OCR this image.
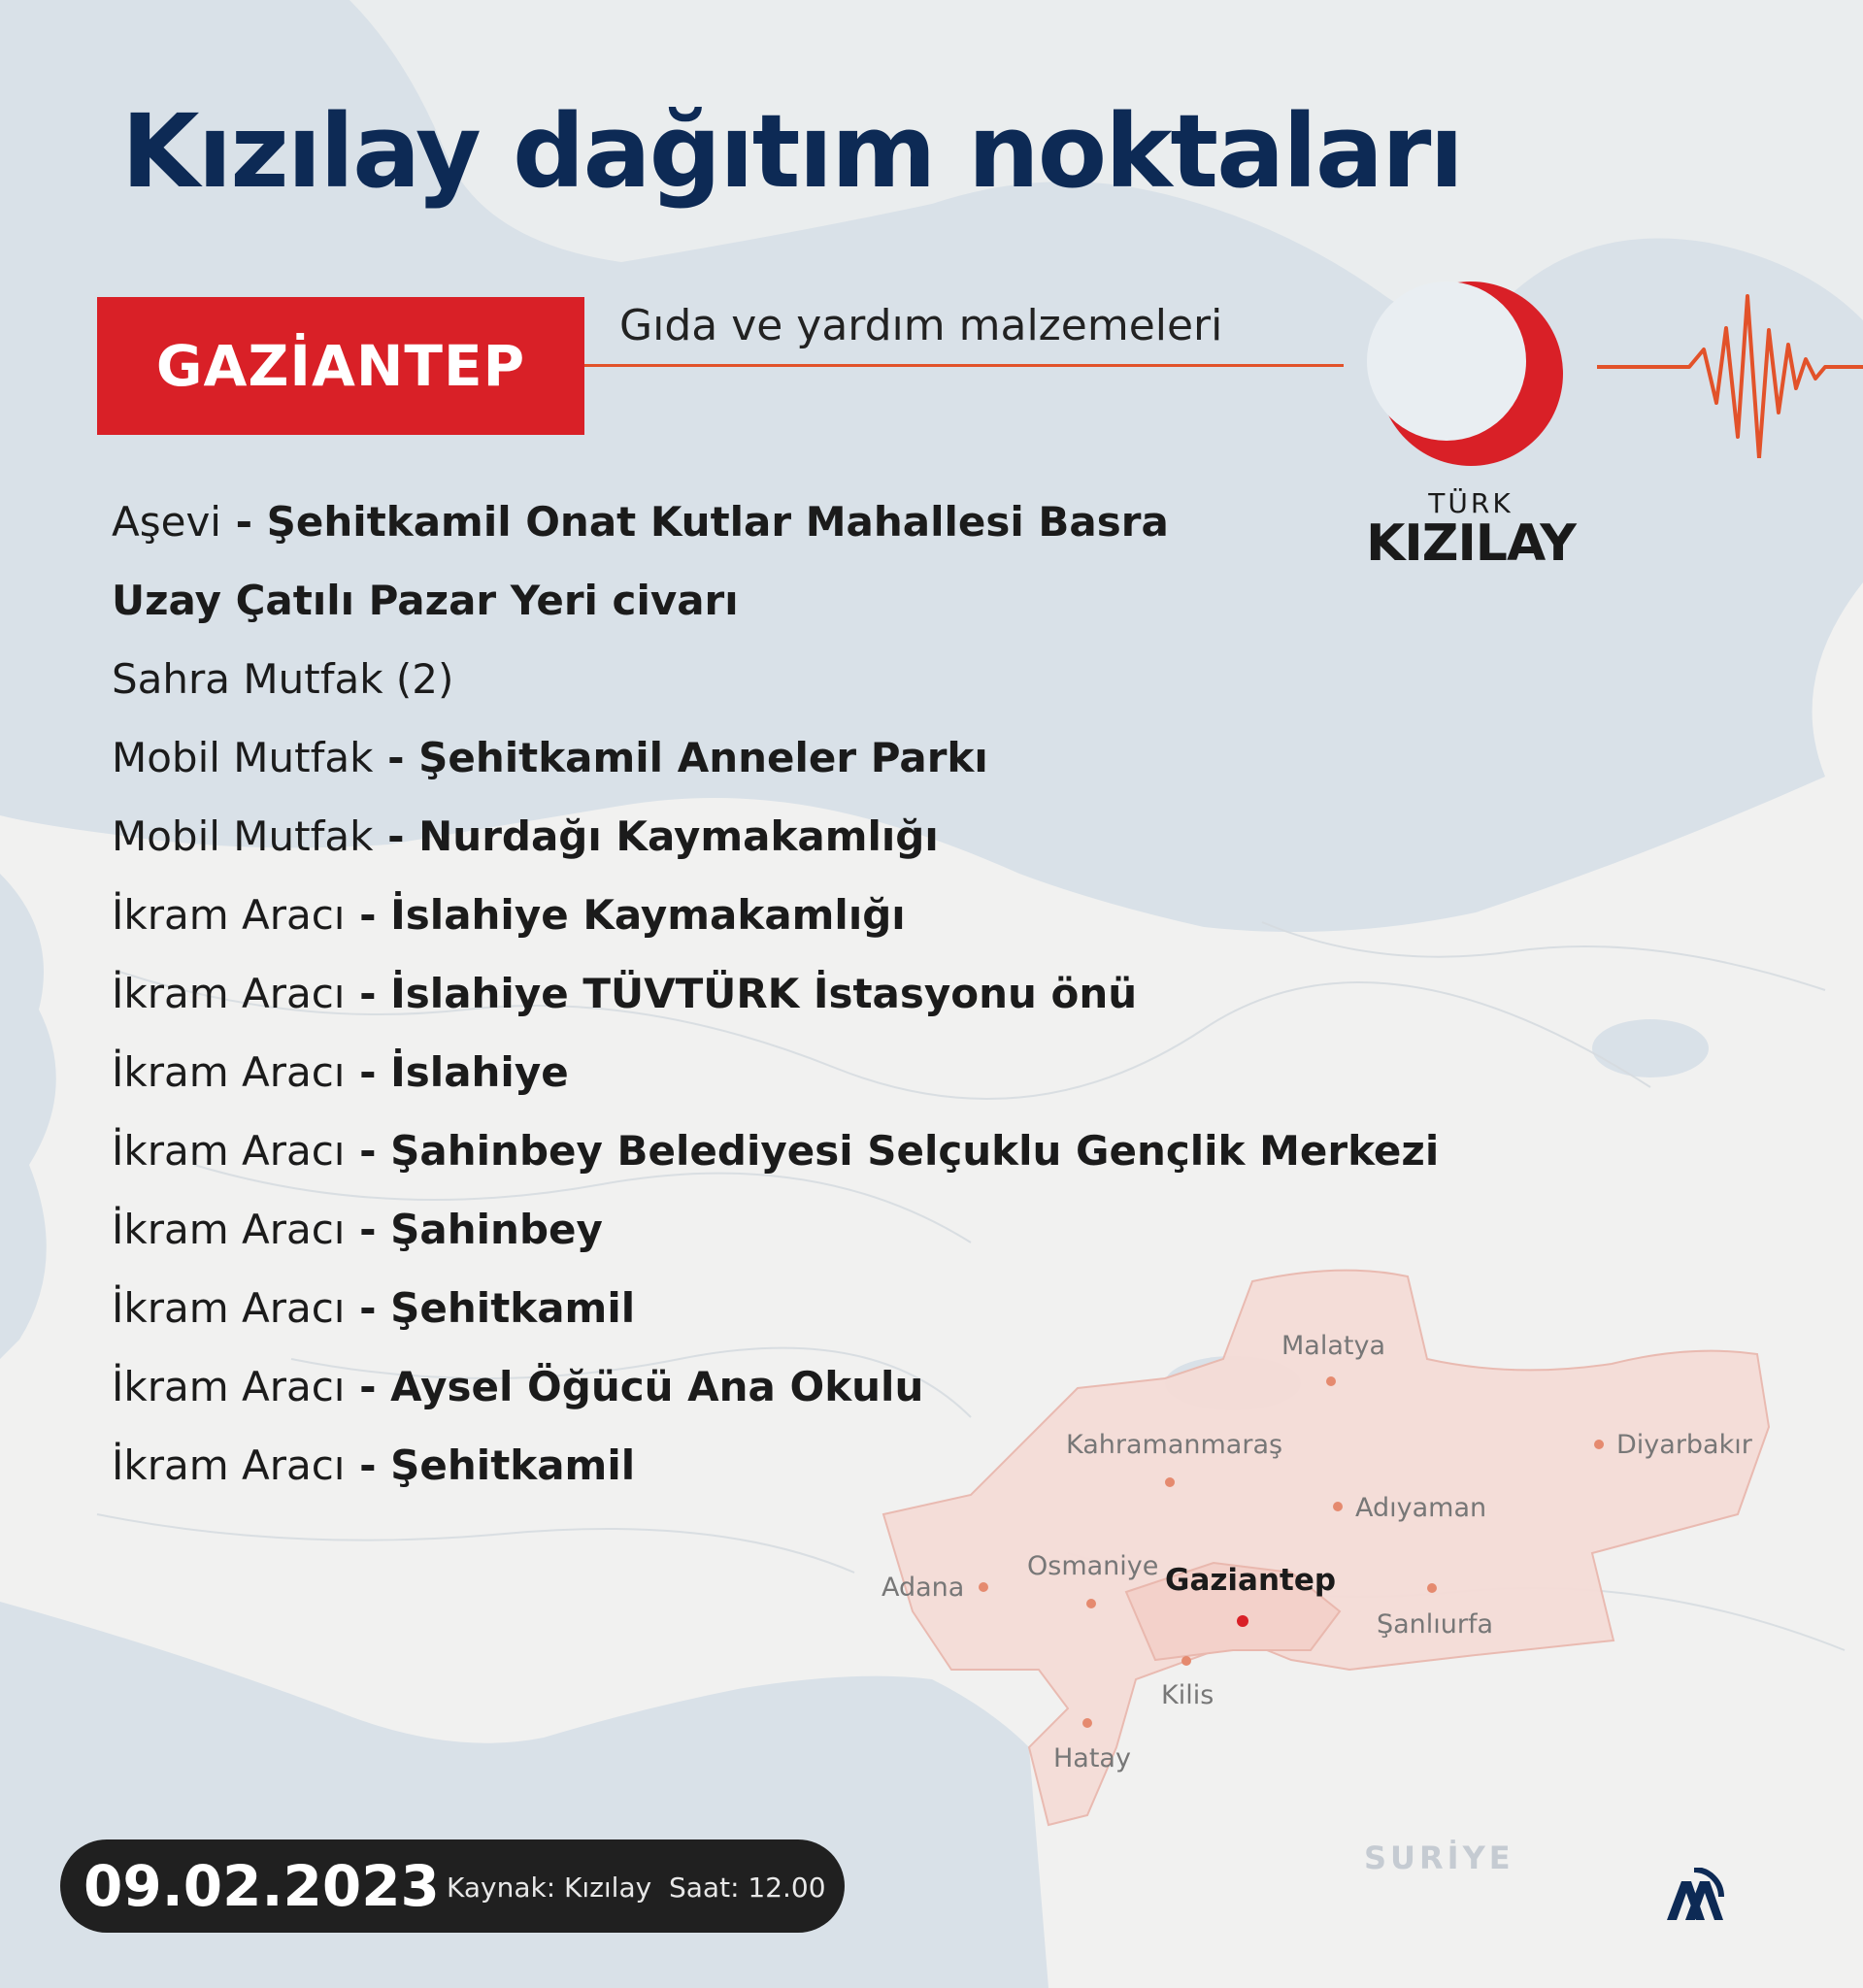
Malatya
Kahramanmaraş	Diyarbakır
Adıyaman
Osmaniye
Adana	Gaziantep
Şanlıurfa
Kilis
Hatay
SURİYE
Kızılay dağıtım noktaları
GAZİANTEP
Gıda ve yardım malzemeleri
TÜRK
KIZILAY
Aşevi - Şehitkamil Onat Kutlar Mahallesi Basra
Uzay Çatılı Pazar Yeri civarı
Sahra Mutfak (2)
Mobil Mutfak - Şehitkamil Anneler Parkı
Mobil Mutfak - Nurdağı Kaymakamlığı
İkram Aracı - İslahiye Kaymakamlığı
İkram Aracı - İslahiye TÜVTÜRK İstasyonu önü
İkram Aracı - İslahiye
İkram Aracı - Şahinbey Belediyesi Selçuklu Gençlik Merkezi
İkram Aracı - Şahinbey
İkram Aracı - Şehitkamil
İkram Aracı - Aysel Öğücü Ana Okulu
İkram Aracı - Şehitkamil
09.02.2023 Kaynak: Kızılay Saat: 12.00
